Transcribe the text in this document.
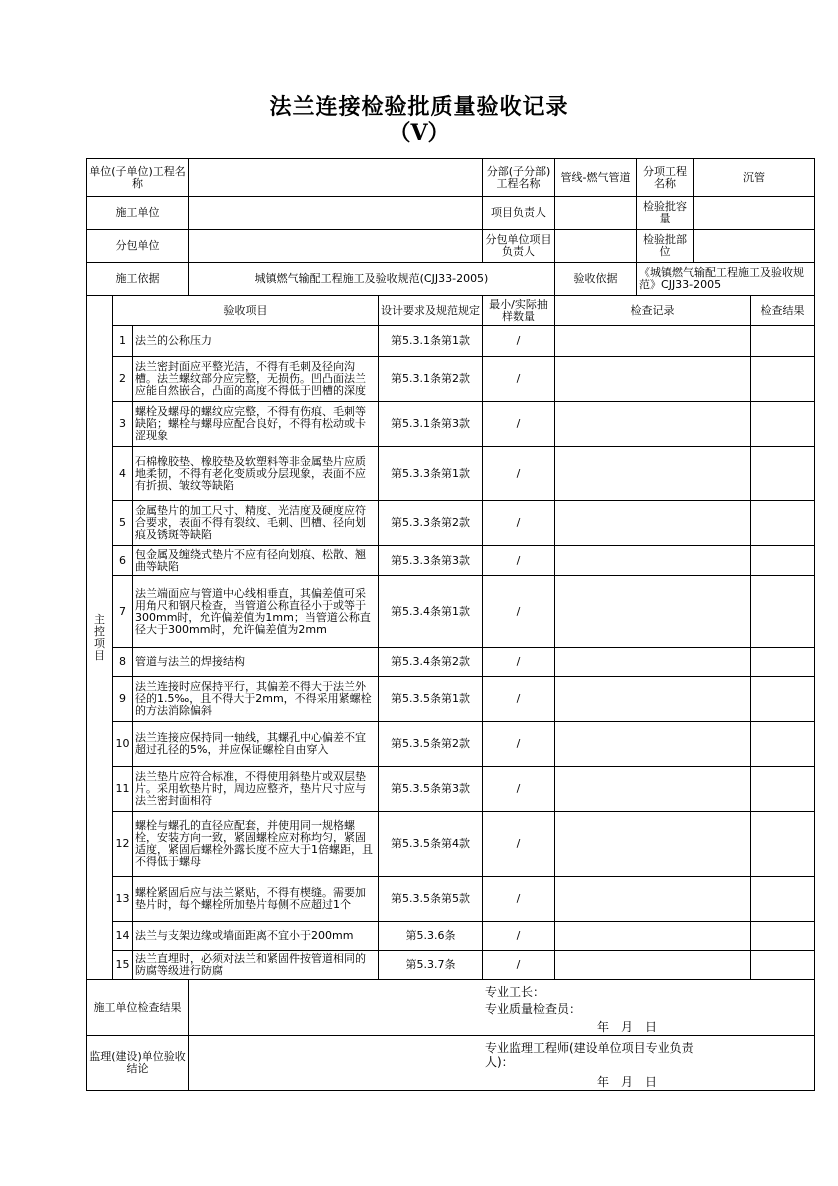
法兰连接检验批质量验收记录
（Ⅴ）
单位(子单位)工程名称					分部(子分部)工程名称	管线-燃气管道	分项工程名称	沉管	
施工单位					项目负责人		检验批容量		
分包单位					分包单位项目负责人		检验批部位		
施工依据			城镇燃气输配工程施工及验收规范(CJJ33-2005)			验收依据	《城镇燃气输配工程施工及验收规范》CJJ33-2005		

主
控
项
目	验收项目			设计要求及规范规定	最小/实际抽样数量	检查记录			检查结果
	1	法兰的公称压力		第5.3.1条第1款	/				
	2	法兰密封面应平整光洁，不得有毛刺及径向沟槽。法兰螺纹部分应完整，无损伤。凹凸面法兰应能自然嵌合，凸面的高度不得低于凹槽的深度		第5.3.1条第2款	/				
	3	螺栓及螺母的螺纹应完整，不得有伤痕、毛刺等缺陷；螺栓与螺母应配合良好，不得有松动或卡涩现象		第5.3.1条第3款	/				
	4	石棉橡胶垫、橡胶垫及软塑料等非金属垫片应质地柔韧，不得有老化变质或分层现象，表面不应有折损、皱纹等缺陷		第5.3.3条第1款	/				
	5	金属垫片的加工尺寸、精度、光洁度及硬度应符合要求，表面不得有裂纹、毛刺、凹槽、径向划痕及锈斑等缺陷		第5.3.3条第2款	/				
	6	包金属及缠绕式垫片不应有径向划痕、松散、翘曲等缺陷		第5.3.3条第3款	/				
	7	法兰端面应与管道中心线相垂直，其偏差值可采用角尺和钢尺检查，当管道公称直径小于或等于300mm时，允许偏差值为1mm；当管道公称直径大于300mm时，允许偏差值为2mm		第5.3.4条第1款	/				
	8	管道与法兰的焊接结构		第5.3.4条第2款	/				
	9	法兰连接时应保持平行，其偏差不得大于法兰外径的1.5‰，且不得大于2mm，不得采用紧螺栓的方法消除偏斜		第5.3.5条第1款	/				
	10	法兰连接应保持同一轴线，其螺孔中心偏差不宜超过孔径的5%，并应保证螺栓自由穿入		第5.3.5条第2款	/				
	11	法兰垫片应符合标准，不得使用斜垫片或双层垫片。采用软垫片时，周边应整齐，垫片尺寸应与法兰密封面相符		第5.3.5条第3款	/				
	12	螺栓与螺孔的直径应配套，并使用同一规格螺栓，安装方向一致，紧固螺栓应对称均匀，紧固适度，紧固后螺栓外露长度不应大于1倍螺距，且不得低于螺母		第5.3.5条第4款	/				
	13	螺栓紧固后应与法兰紧贴，不得有楔缝。需要加垫片时，每个螺栓所加垫片每侧不应超过1个		第5.3.5条第5款	/				
	14	法兰与支架边缘或墙面距离不宜小于200mm		第5.3.6条	/				
	15	法兰直埋时，必须对法兰和紧固件按管道相同的防腐等级进行防腐		第5.3.7条	/				
施工单位检查结果			专业工长：
专业质量检查员：
年　月　日						

监理(建设)单位验收结论			专业监理工程师(建设单位项目专业负责人)：
年　月　日						
